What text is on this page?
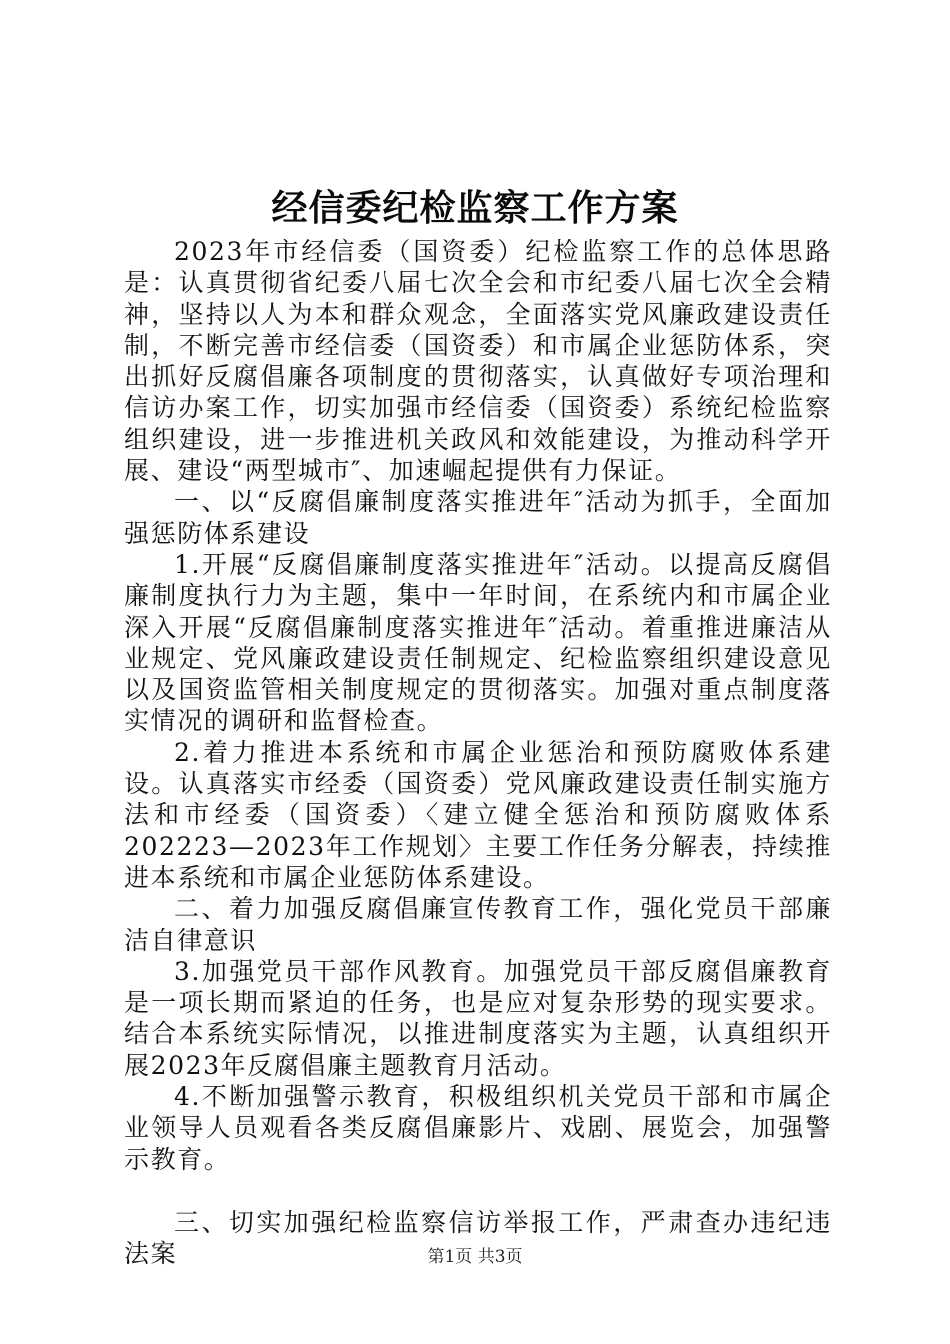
经信委纪检监察工作方案

2023年市经信委（国资委）纪检监察工作的总体思路是：认真贯彻省纪委八届七次全会和市纪委八届七次全会精神，坚持以人为本和群众观念，全面落实党风廉政建设责任制，不断完善市经信委（国资委）和市属企业惩防体系，突出抓好反腐倡廉各项制度的贯彻落实，认真做好专项治理和信访办案工作，切实加强市经信委（国资委）系统纪检监察组织建设，进一步推进机关政风和效能建设，为推动科学开展、建设“两型城市″、加速崛起提供有力保证。

一、以“反腐倡廉制度落实推进年″活动为抓手，全面加强惩防体系建设

1.开展“反腐倡廉制度落实推进年″活动。以提高反腐倡廉制度执行力为主题，集中一年时间，在系统内和市属企业深入开展“反腐倡廉制度落实推进年″活动。着重推进廉洁从业规定、党风廉政建设责任制规定、纪检监察组织建设意见以及国资监管相关制度规定的贯彻落实。加强对重点制度落实情况的调研和监督检查。

2.着力推进本系统和市属企业惩治和预防腐败体系建设。认真落实市经委（国资委）党风廉政建设责任制实施方法和市经委（国资委）〈建立健全惩治和预防腐败体系202223—2023年工作规划〉主要工作任务分解表，持续推进本系统和市属企业惩防体系建设。

二、着力加强反腐倡廉宣传教育工作，强化党员干部廉洁自律意识

3.加强党员干部作风教育。加强党员干部反腐倡廉教育是一项长期而紧迫的任务，也是应对复杂形势的现实要求。结合本系统实际情况，以推进制度落实为主题，认真组织开展2023年反腐倡廉主题教育月活动。

4.不断加强警示教育，积极组织机关党员干部和市属企业领导人员观看各类反腐倡廉影片、戏剧、展览会，加强警示教育。

三、切实加强纪检监察信访举报工作，严肃查办违纪违法案	第1页 共3页
